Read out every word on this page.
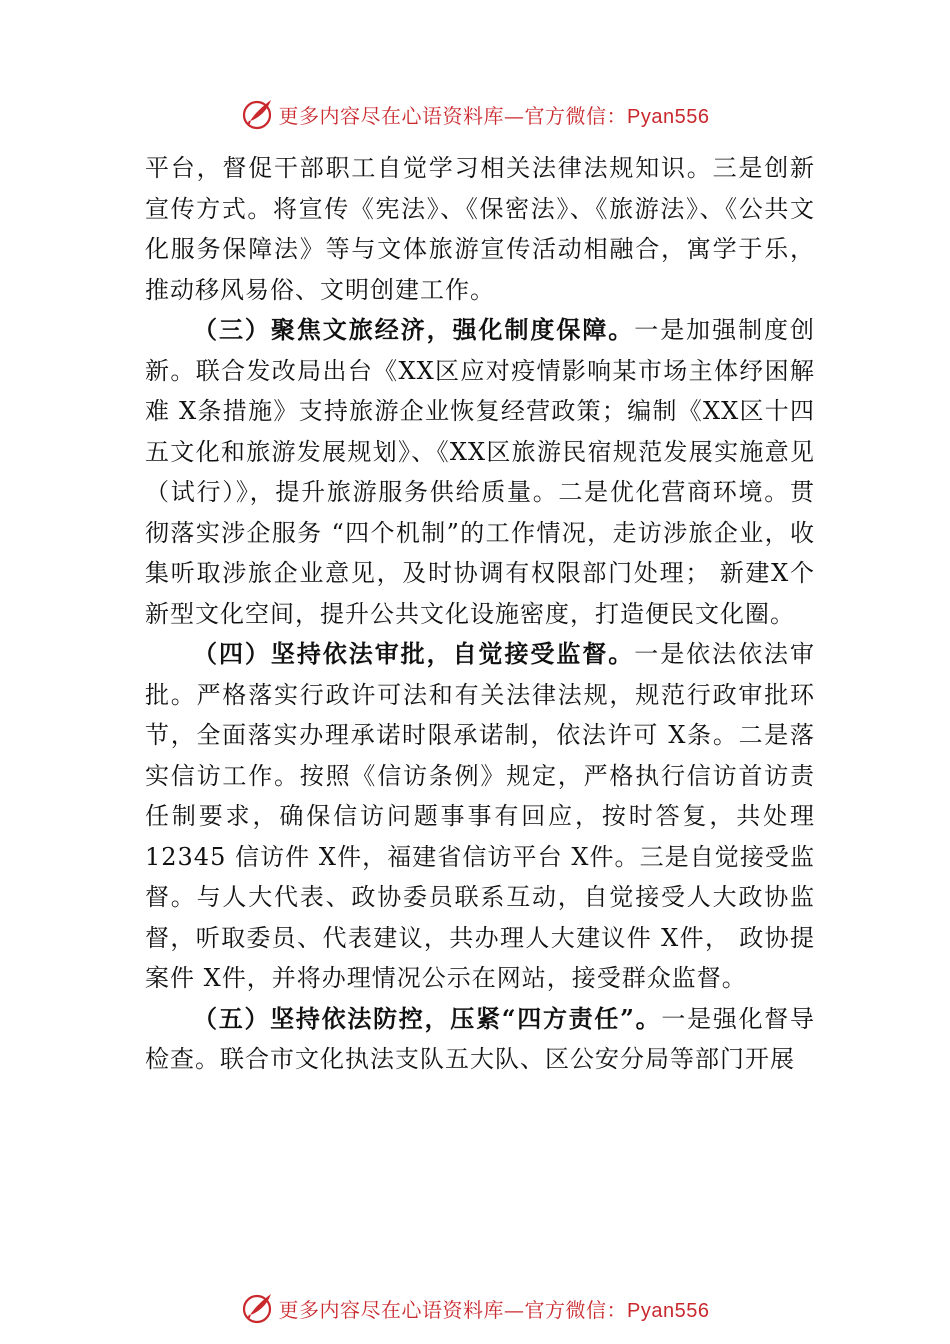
更多内容尽在心语资料库—官方微信：Pyan556

平台，督促干部职工自觉学习相关法律法规知识。三是创新宣传方式。将宣传《宪法》、《保密法》、《旅游法》、《公共文化服务保障法》等与文体旅游宣传活动相融合，寓学于乐， 推动移风易俗、文明创建工作。

（三）聚焦文旅经济，强化制度保障。一是加强制度创新。联合发改局出台《XX区应对疫情影响某市场主体纾困解难 X条措施》支持旅游企业恢复经营政策；编制《XX区十四五文化和旅游发展规划》、《XX区旅游民宿规范发展实施意见（试行）》，提升旅游服务供给质量。二是优化营商环境。贯彻落实涉企服务 “四个机制”的工作情况，走访涉旅企业，收集听取涉旅企业意见，及时协调有权限部门处理； 新建X个新型文化空间，提升公共文化设施密度，打造便民文化圈。

（四）坚持依法审批，自觉接受监督。一是依法依法审批。严格落实行政许可法和有关法律法规，规范行政审批环节，全面落实办理承诺时限承诺制，依法许可 X条。二是落实信访工作。按照《信访条例》规定，严格执行信访首访责任制要求，确保信访问题事事有回应，按时答复，共处理12345 信访件 X件，福建省信访平台 X件。三是自觉接受监督。与人大代表、政协委员联系互动，自觉接受人大政协监督，听取委员、代表建议，共办理人大建议件 X件， 政协提案件 X件，并将办理情况公示在网站，接受群众监督。

（五）坚持依法防控，压紧“四方责任”。一是强化督导检查。联合市文化执法支队五大队、区公安分局等部门开展

更多内容尽在心语资料库—官方微信：Pyan556
